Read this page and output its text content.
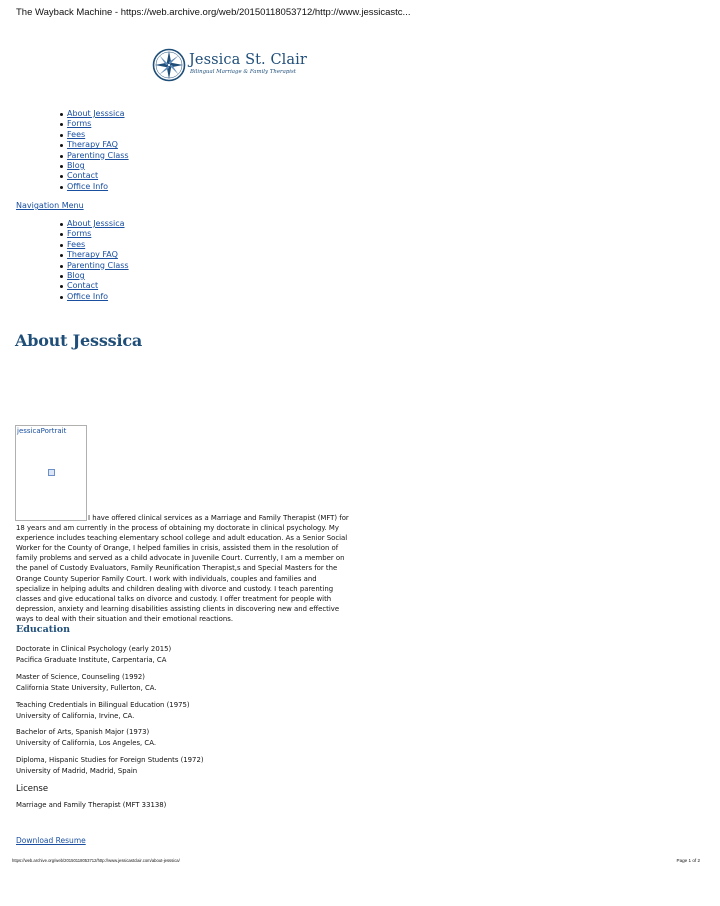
The Wayback Machine - https://web.archive.org/web/20150118053712/http://www.jessicastc...
Jessica St. Clair
Bilingual Marriage & Family Therapist
About Jesssica
Forms
Fees
Therapy FAQ
Parenting Class
Blog
Contact
Office Info
Navigation Menu
About Jesssica
Forms
Fees
Therapy FAQ
Parenting Class
Blog
Contact
Office Info
About Jesssica
jessicaPortrait

I have offered clinical services as a Marriage and Family Therapist (MFT) for 18 years and am currently in the process of obtaining my doctorate in clinical psychology. My experience includes teaching elementary school college and adult education. As a Senior Social Worker for the County of Orange, I helped families in crisis, assisted them in the resolution of family problems and served as a child advocate in Juvenile Court. Currently, I am a member on the panel of Custody Evaluators, Family Reunification Therapist,s and Special Masters for the Orange County Superior Family Court. I work with individuals, couples and families and specialize in helping adults and children dealing with divorce and custody. I teach parenting classes and give educational talks on divorce and custody. I offer treatment for people with depression, anxiety and learning disabilities assisting clients in discovering new and effective ways to deal with their situation and their emotional reactions.

Education
Doctorate in Clinical Psychology (early 2015)
Pacifica Graduate Institute, Carpentaria, CA
Master of Science, Counseling (1992)
California State University, Fullerton, CA.
Teaching Credentials in Bilingual Education (1975)
University of California, Irvine, CA.
Bachelor of Arts, Spanish Major (1973)
University of California, Los Angeles, CA.
Diploma, Hispanic Studies for Foreign Students (1972)
University of Madrid, Madrid, Spain
License
Marriage and Family Therapist (MFT 33138)
Download Resume
https://web.archive.org/web/20150118053712/http://www.jessicastclair.com/about-jesssica/	Page 1 of 2
